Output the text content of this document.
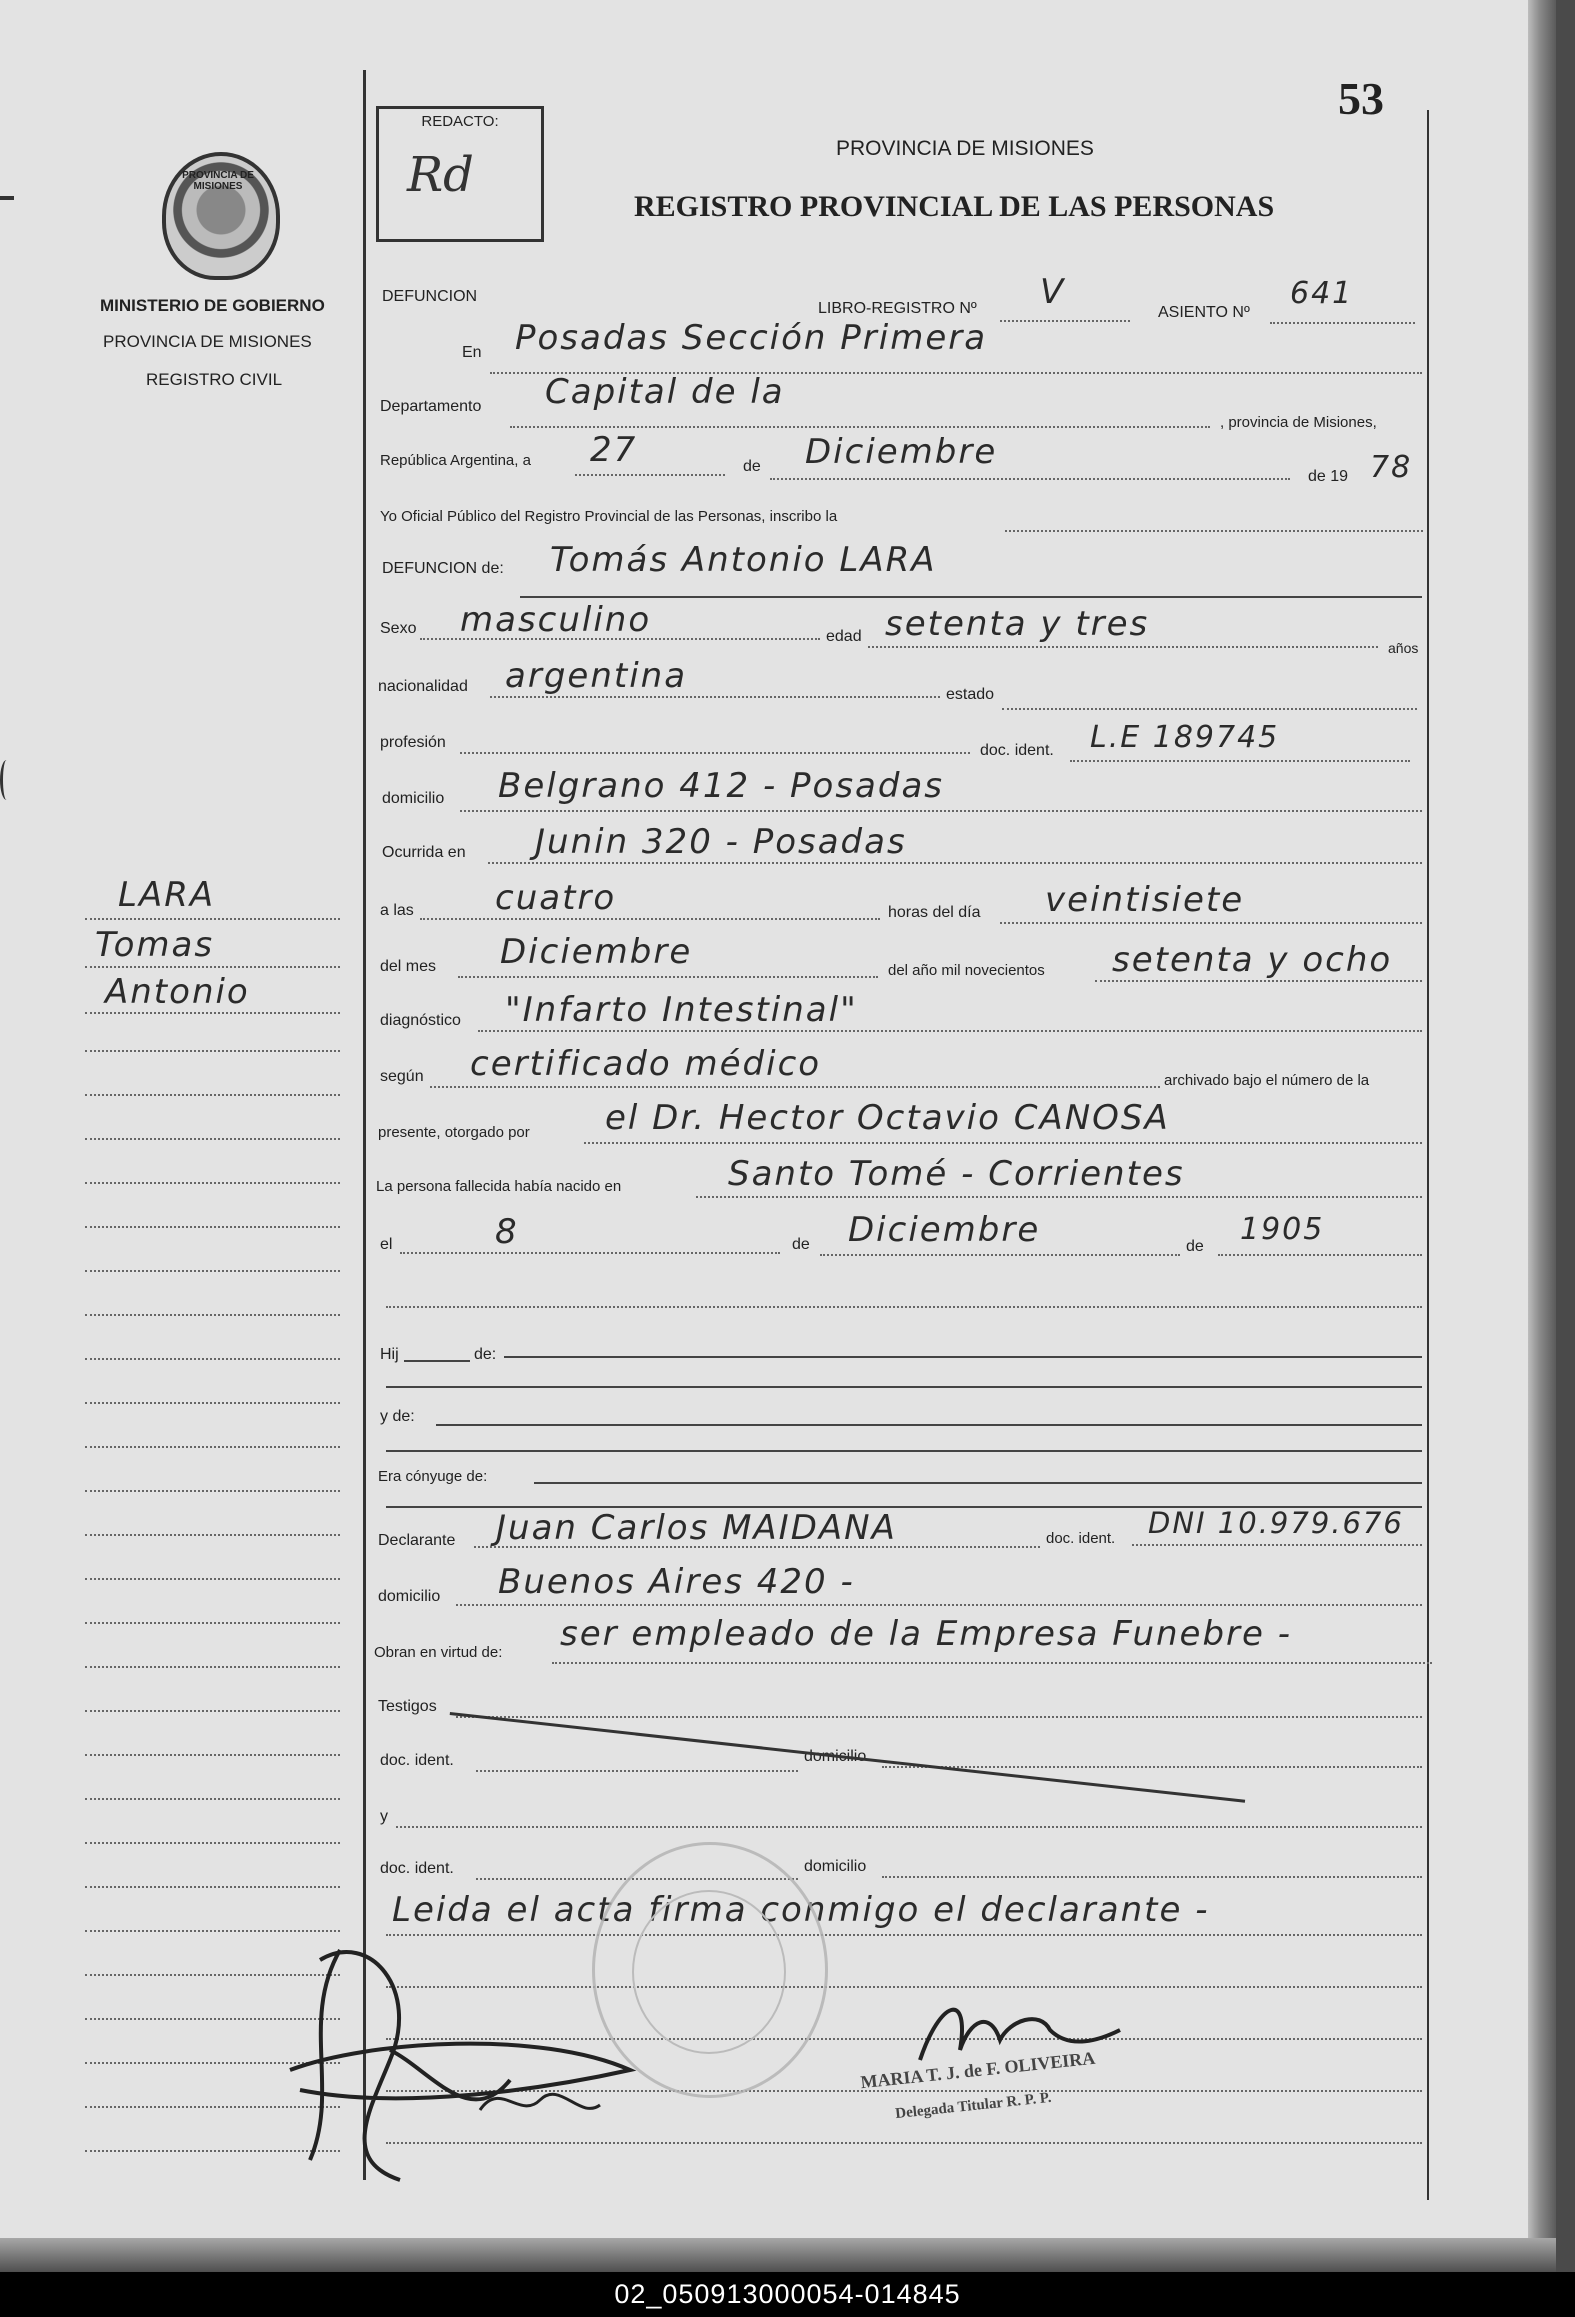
53
REDACTO:
Rd
PROVINCIA DE MISIONES
MINISTERIO DE GOBIERNO
PROVINCIA DE MISIONES
REGISTRO CIVIL
PROVINCIA DE MISIONES
REGISTRO PROVINCIAL DE LAS PERSONAS
LARA
Tomas
Antonio
DEFUNCION
LIBRO-REGISTRO Nº V
ASIENTO Nº
641
En Posadas Sección Primera
Departamento Capital de la
, provincia de Misiones,
República Argentina, a 27	de Diciembre
de 19 78
Yo Oficial Público del Registro Provincial de las Personas, inscribo la
DEFUNCION de: Tomás Antonio LARA
Sexo masculino	edad setenta y tres
años
nacionalidad argentina	estado
profesión	doc. ident. L.E 189745
domicilio Belgrano 412 - Posadas
Ocurrida en Junin 320 - Posadas
a las cuatro	horas del día veintisiete
del mes Diciembre	del año mil novecientos setenta y ocho
diagnóstico "Infarto Intestinal"
según certificado médico	archivado bajo el número de la
presente, otorgado por el Dr. Hector Octavio CANOSA
La persona fallecida había nacido en	Santo Tomé - Corrientes
el	8	de Diciembre	de 1905
Hij	de:
y de:
Era cónyuge de:
Declarante Juan Carlos MAIDANA	doc. ident. DNI 10.979.676
domicilio Buenos Aires 420 -
Obran en virtud de: ser empleado de la Empresa Funebre -
Testigos
doc. ident.	domicilio
y
doc. ident.	domicilio
Leida el acta firma conmigo el declarante -
MARIA T. J. de F. OLIVEIRA
Delegada Titular R. P. P.
02_050913000054-014845
